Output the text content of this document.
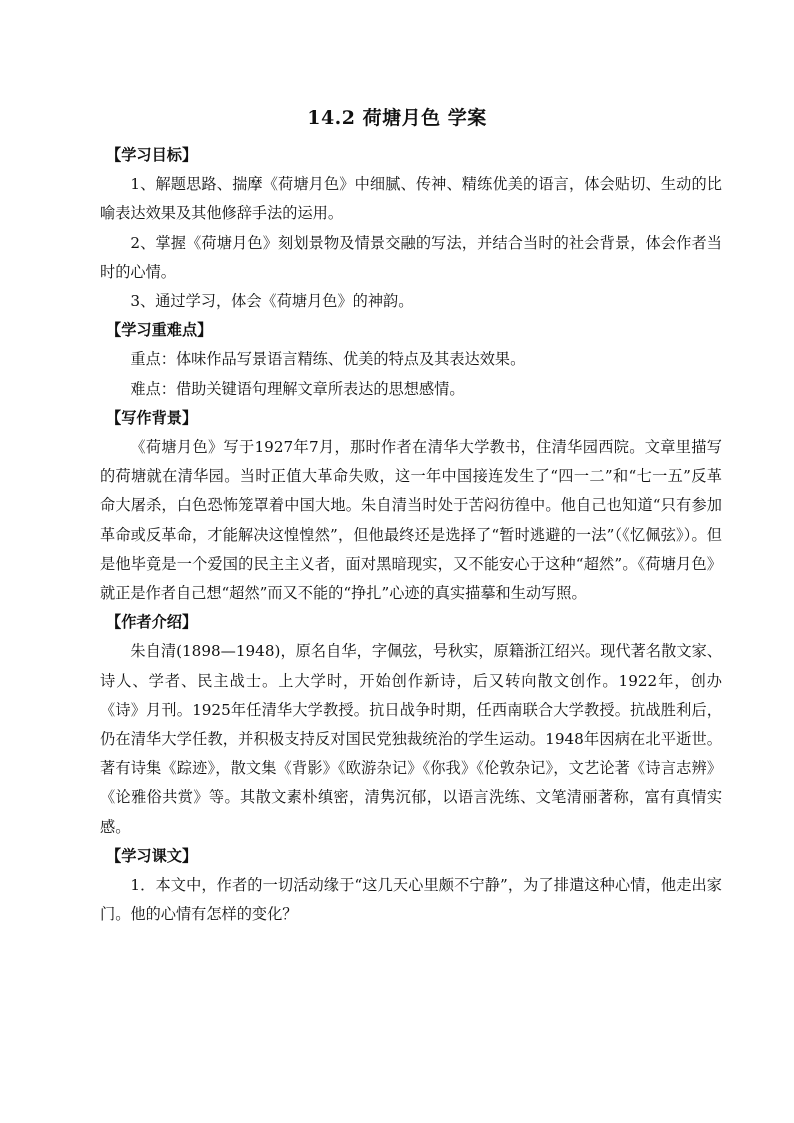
14.2 荷塘月色 学案

【学习目标】

1、解题思路、揣摩《荷塘月色》中细腻、传神、精练优美的语言，体会贴切、生动的比喻表达效果及其他修辞手法的运用。

2、掌握《荷塘月色》刻划景物及情景交融的写法，并结合当时的社会背景，体会作者当时的心情。

3、通过学习，体会《荷塘月色》的神韵。

【学习重难点】

重点：体味作品写景语言精练、优美的特点及其表达效果。

难点：借助关键语句理解文章所表达的思想感情。

【写作背景】

《荷塘月色》写于1927年7月，那时作者在清华大学教书，住清华园西院。文章里描写的荷塘就在清华园。当时正值大革命失败，这一年中国接连发生了“四一二”和“七一五”反革命大屠杀，白色恐怖笼罩着中国大地。朱自清当时处于苦闷彷徨中。他自己也知道“只有参加革命或反革命，才能解决这惶惶然”，但他最终还是选择了“暂时逃避的一法”（《忆佩弦》）。但是他毕竟是一个爱国的民主主义者，面对黑暗现实，又不能安心于这种“超然”。《荷塘月色》就正是作者自己想“超然”而又不能的“挣扎”心迹的真实描摹和生动写照。

【作者介绍】

朱自清(1898—1948)，原名自华，字佩弦，号秋实，原籍浙江绍兴。现代著名散文家、诗人、学者、民主战士。上大学时，开始创作新诗，后又转向散文创作。1922年，创办《诗》月刊。1925年任清华大学教授。抗日战争时期，任西南联合大学教授。抗战胜利后，仍在清华大学任教，并积极支持反对国民党独裁统治的学生运动。1948年因病在北平逝世。著有诗集《踪迹》，散文集《背影》《欧游杂记》《你我》《伦敦杂记》，文艺论著《诗言志辨》《论雅俗共赏》等。其散文素朴缜密，清隽沉郁，以语言洗练、文笔清丽著称，富有真情实感。

【学习课文】

1．本文中，作者的一切活动缘于“这几天心里颇不宁静”，为了排遣这种心情，他走出家门。他的心情有怎样的变化？
